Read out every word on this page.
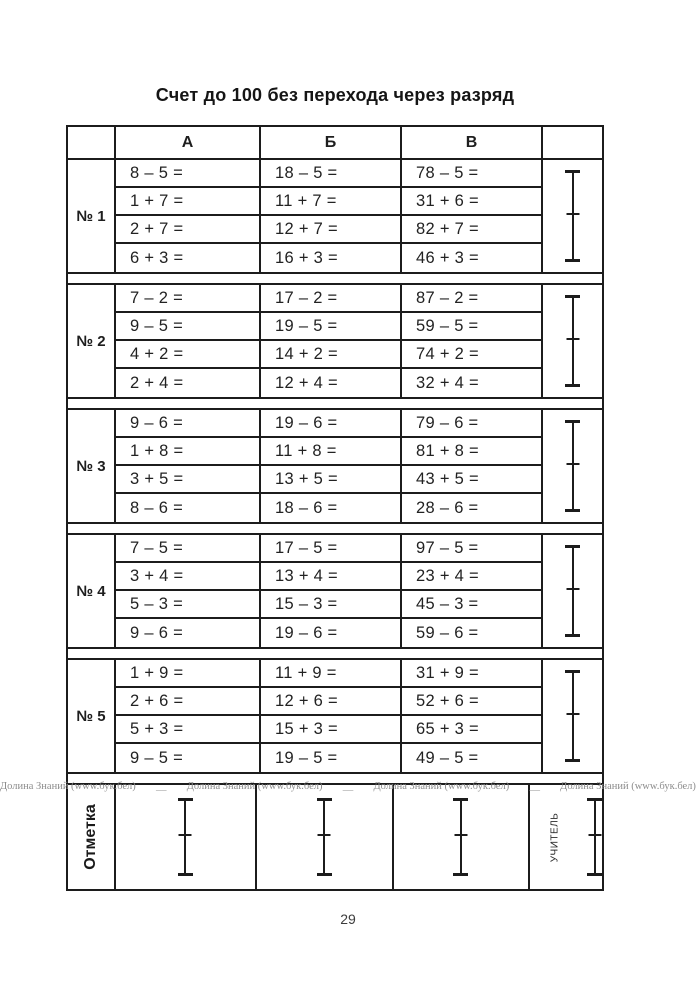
Счет до 100 без перехода через разряд
А	Б	В
№ 1
8 – 5 =	18 – 5 =	78 – 5 =
1 + 7 =	11 + 7 =	31 + 6 =
2 + 7 =	12 + 7 =	82 + 7 =
6 + 3 =	16 + 3 =	46 + 3 =
№ 2
7 – 2 =	17 – 2 =	87 – 2 =
9 – 5 =	19 – 5 =	59 – 5 =
4 + 2 =	14 + 2 =	74 + 2 =
2 + 4 =	12 + 4 =	32 + 4 =
№ 3
9 – 6 =	19 – 6 =	79 – 6 =
1 + 8 =	11 + 8 =	81 + 8 =
3 + 5 =	13 + 5 =	43 + 5 =
8 – 6 =	18 – 6 =	28 – 6 =
№ 4
7 – 5 =	17 – 5 =	97 – 5 =
3 + 4 =	13 + 4 =	23 + 4 =
5 – 3 =	15 – 3 =	45 – 3 =
9 – 6 =	19 – 6 =	59 – 6 =
№ 5
1 + 9 =	11 + 9 =	31 + 9 =
2 + 6 =	12 + 6 =	52 + 6 =
5 + 3 =	15 + 3 =	65 + 3 =
9 – 5 =	19 – 5 =	49 – 5 =
Отметка	УЧИТЕЛЬ
Долина Знаний (www.бук.бел) __ Долина Знаний (www.бук.бел) __ Долина Знаний (www.бук.бел) __ Долина Знаний (www.бук.бел)
29
